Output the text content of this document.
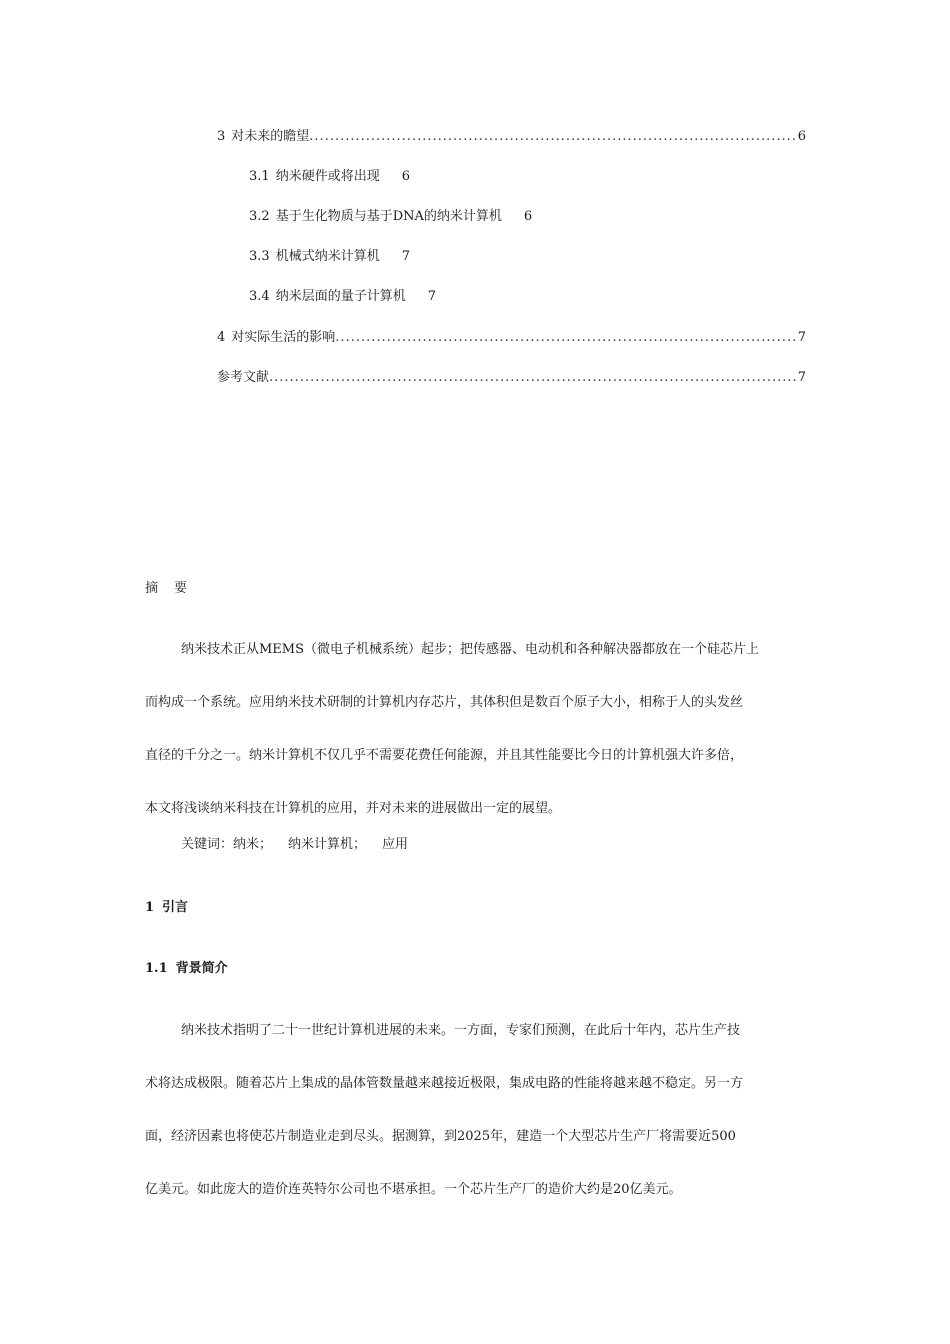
3 对未来的瞻望 .....	6
3.1 纳米硬件或将出现 6
3.2 基于生化物质与基于DNA的纳米计算机 6
3.3 机械式纳米计算机 7
3.4 纳米层面的量子计算机 7
4 对实际生活的影响 .....	7
参考文献 .....	7
摘要
纳米技术正从MEMS（微电子机械系统）起步；把传感器、电动机和各种解决器都放在一个硅芯片上
而构成一个系统。应用纳米技术研制的计算机内存芯片，其体积但是数百个原子大小，相称于人的头发丝
直径的千分之一。纳米计算机不仅几乎不需要花费任何能源，并且其性能要比今日的计算机强大许多倍，
本文将浅谈纳米科技在计算机的应用，并对未来的进展做出一定的展望。
关键词：纳米； 纳米计算机； 应用
1 引言
1.1 背景简介
纳米技术指明了二十一世纪计算机进展的未来。一方面，专家们预测，在此后十年内，芯片生产技
术将达成极限。随着芯片上集成的晶体管数量越来越接近极限，集成电路的性能将越来越不稳定。另一方
面，经济因素也将使芯片制造业走到尽头。据测算，到2025年，建造一个大型芯片生产厂将需要近500
亿美元。如此庞大的造价连英特尔公司也不堪承担。一个芯片生产厂的造价大约是20亿美元。
